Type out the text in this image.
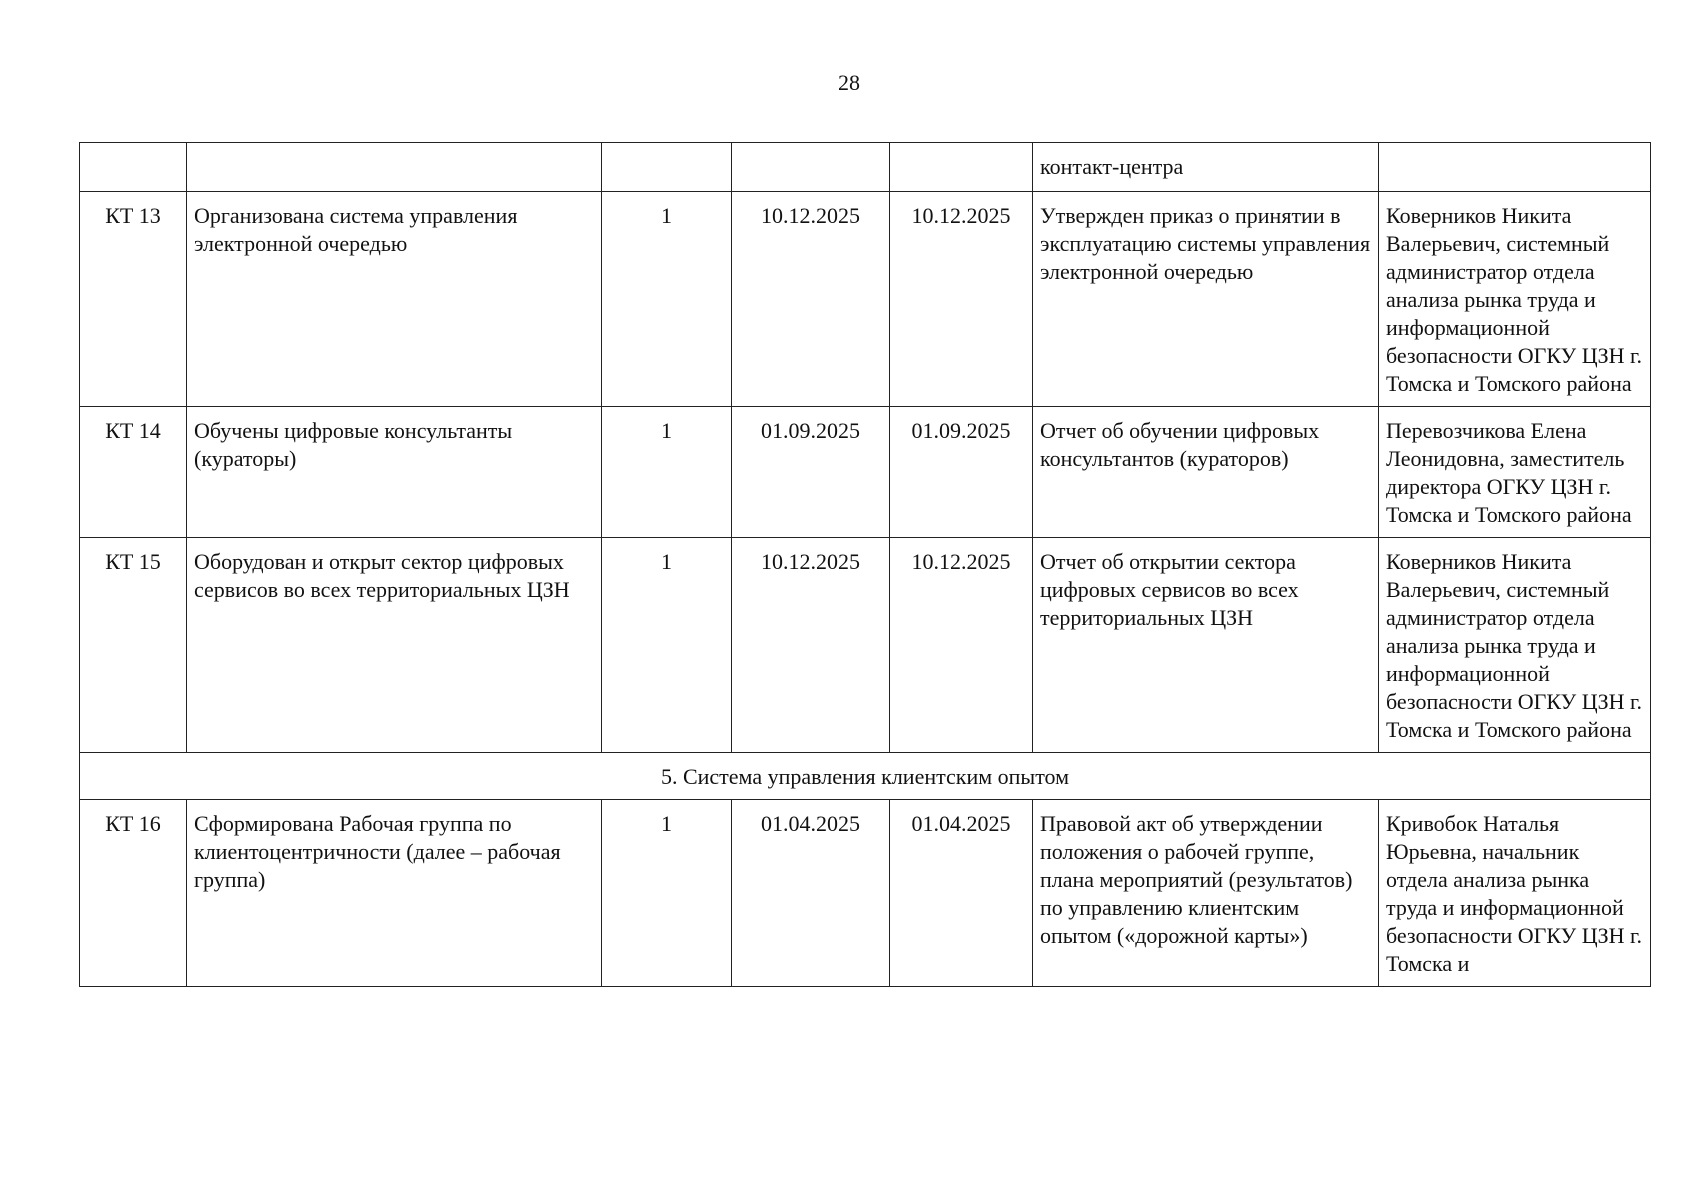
28
					контакт-центра	
КТ 13	Организована система управления электронной очередью	1	10.12.2025	10.12.2025	Утвержден приказ о принятии в эксплуатацию системы управления электронной очередью	Коверников Никита Валерьевич, системный администратор отдела анализа рынка труда и информационной безопасности ОГКУ ЦЗН г. Томска и Томского района
КТ 14	Обучены цифровые консультанты (кураторы)	1	01.09.2025	01.09.2025	Отчет об обучении цифровых консультантов (кураторов)	Перевозчикова Елена Леонидовна, заместитель директора ОГКУ ЦЗН г. Томска и Томского района
КТ 15	Оборудован и открыт сектор цифровых сервисов во всех территориальных ЦЗН	1	10.12.2025	10.12.2025	Отчет об открытии сектора цифровых сервисов во всех территориальных ЦЗН	Коверников Никита Валерьевич, системный администратор отдела анализа рынка труда и информационной безопасности ОГКУ ЦЗН г. Томска и Томского района
5. Система управления клиентским опытом						
КТ 16	Сформирована Рабочая группа по клиентоцентричности (далее – рабочая группа)	1	01.04.2025	01.04.2025	Правовой акт об утверждении положения о рабочей группе, плана мероприятий (результатов) по управлению клиентским опытом («дорожной карты»)	Кривобок Наталья Юрьевна, начальник отдела анализа рынка труда и информационной безопасности ОГКУ ЦЗН г. Томска и
